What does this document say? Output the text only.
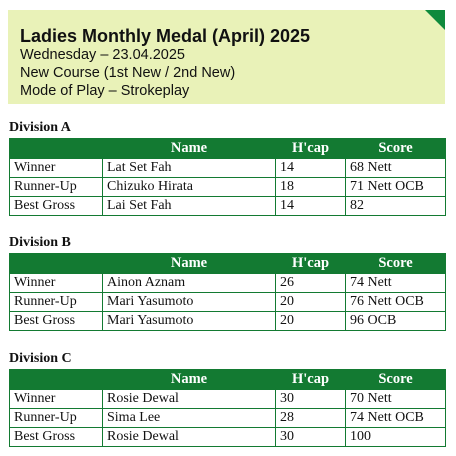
Ladies Monthly Medal (April) 2025
Wednesday – 23.04.2025
New Course (1st New / 2nd New)
Mode of Play – Strokeplay
Division A
	Name	H'cap	Score
Winner	Lat Set Fah	14	68 Nett
Runner-Up	Chizuko Hirata	18	71 Nett OCB
Best Gross	Lai Set Fah	14	82
Division B
	Name	H'cap	Score
Winner	Ainon Aznam	26	74 Nett
Runner-Up	Mari Yasumoto	20	76 Nett OCB
Best Gross	Mari Yasumoto	20	96 OCB
Division C
	Name	H'cap	Score
Winner	Rosie Dewal	30	70 Nett
Runner-Up	Sima Lee	28	74 Nett OCB
Best Gross	Rosie Dewal	30	100
